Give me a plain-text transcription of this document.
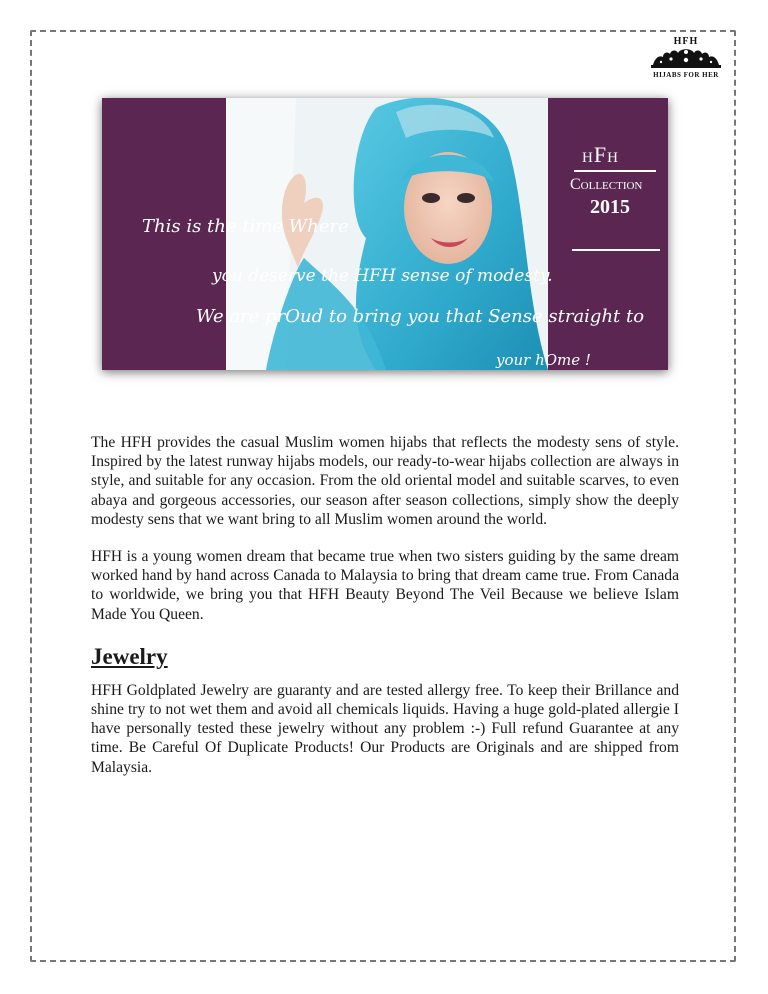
HFH
HIJABS FOR HER
hFh
Collection
2015
This is the time Where
you deserve the HFH sense of modesty.
We are prOud to bring you that Sense straight to
your hOme !

The HFH provides the casual Muslim women hijabs that reflects the modesty sens of style. Inspired by the latest runway hijabs models, our ready-to-wear hijabs collection are always in style, and suitable for any occasion. From the old oriental model and suitable scarves, to even abaya and gorgeous accessories, our season after season collections, simply show the deeply modesty sens that we want bring to all Muslim women around the world.

HFH is a young women dream that became true when two sisters guiding by the same dream worked hand by hand across Canada to Malaysia to bring that dream came true. From Canada to worldwide, we bring you that HFH Beauty Beyond The Veil Because we believe Islam Made You Queen.

Jewelry

HFH Goldplated Jewelry are guaranty and are tested allergy free. To keep their Brillance and shine try to not wet them and avoid all chemicals liquids. Having a huge gold-plated allergie I have personally tested these jewelry without any problem :-) Full refund Guarantee at any time. Be Careful Of Duplicate Products! Our Products are Originals and are shipped from Malaysia.
